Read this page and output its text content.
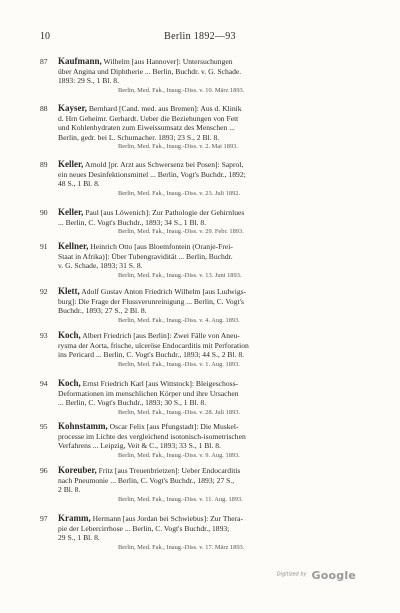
10	Berlin 1892—93
87	Kaufmann, Wilhelm [aus Hannover]: Untersuchungen
über Angina und Diphtherie ... Berlin, Buchdr. v. G. Schade.
1893: 29 S., 1 Bl. 8.
Berlin, Med. Fak., Inaug.-Diss. v. 10. März 1893.
88	Kayser, Bernhard [Cand. med. aus Bremen]: Aus d. Klinik
d. Hrn Geheimr. Gerhardt. Ueber die Beziehungen von Fett
und Kohlenhydraten zum Eiweissumsatz des Menschen ...
Berlin, gedr. bei L. Schumacher. 1893; 23 S., 2 Bl. 8.
Berlin, Med. Fak., Inaug.-Diss. v. 2. Mai 1893.
89	Keller, Arnold [pr. Arzt aus Schwersenz bei Posen]: Saprol,
ein neues Desinfektionsmittel ... Berlin, Vogt's Buchdr., 1892;
48 S., 1 Bl. 8.
Berlin, Med. Fak., Inaug.-Diss. v. 23. Juli 1892.
90	Keller, Paul [aus Löwenich]: Zur Pathologie der Gehirnlues
... Berlin, C. Vogt's Buchdr., 1893; 34 S., 1 Bl. 8.
Berlin, Med. Fak., Inaug.-Diss. v. 29. Febr. 1893.
91	Kellner, Heinrich Otto [aus Bloemfontein (Oranje-Frei-
Staat in Afrika)]: Über Tubengravidität ... Berlin, Buchdr.
v. G. Schade, 1893; 31 S. 8.
Berlin, Med. Fak., Inaug.-Diss. v. 13. Juni 1893.
92	Klett, Adolf Gustav Anton Friedrich Wilhelm [aus Ludwigs-
burg]: Die Frage der Flussverunreinigung ... Berlin, C. Vogt's
Buchdr., 1893; 27 S., 2 Bl. 8.
Berlin, Med. Fak., Inaug.-Diss. v. 4. Aug. 1893.
93	Koch, Albert Friedrich [aus Berlin]: Zwei Fälle von Aneu-
rysma der Aorta, frische, ulceröse Endocarditis mit Perforation
ins Pericard ... Berlin, C. Vogt's Buchdr., 1893; 44 S., 2 Bl. 8.
Berlin, Med. Fak., Inaug.-Diss. v. 1. Aug. 1893.
94	Koch, Ernst Friedrich Karl [aus Wittstock]: Bleigeschoss-
Deformationen im menschlichen Körper und ihre Ursachen
... Berlin, C. Vogt's Buchdr., 1893; 30 S., 1 Bl. 8.
Berlin, Med. Fak., Inaug.-Diss. v. 28. Juli 1893.
95	Kohnstamm, Oscar Felix [aus Pfungstadt]: Die Muskel-
processe im Lichte des vergleichend isotonisch-isometrischen
Verfahrens ... Leipzig, Veit & C., 1893; 33 S., 1 Bl. 8.
Berlin, Med. Fak., Inaug.-Diss. v. 9. Aug. 1893.
96	Koreuber, Fritz [aus Treuenbrietzen]: Ueber Endocarditis
nach Pneumonie ... Berlin, C. Vogt's Buchdr., 1893; 27 S.,
2 Bl. 8.
Berlin, Med. Fak., Inaug.-Diss. v. 11. Aug. 1893.
97	Kramm, Hermann [aus Jordan bei Schwiebus]: Zur Thera-
pie der Lebercirrhose ... Berlin, C. Vogt's Buchdr., 1893;
29 S., 1 Bl. 8.
Berlin, Med. Fak., Inaug.-Diss. v. 17. März 1893.
Digitized by Google
